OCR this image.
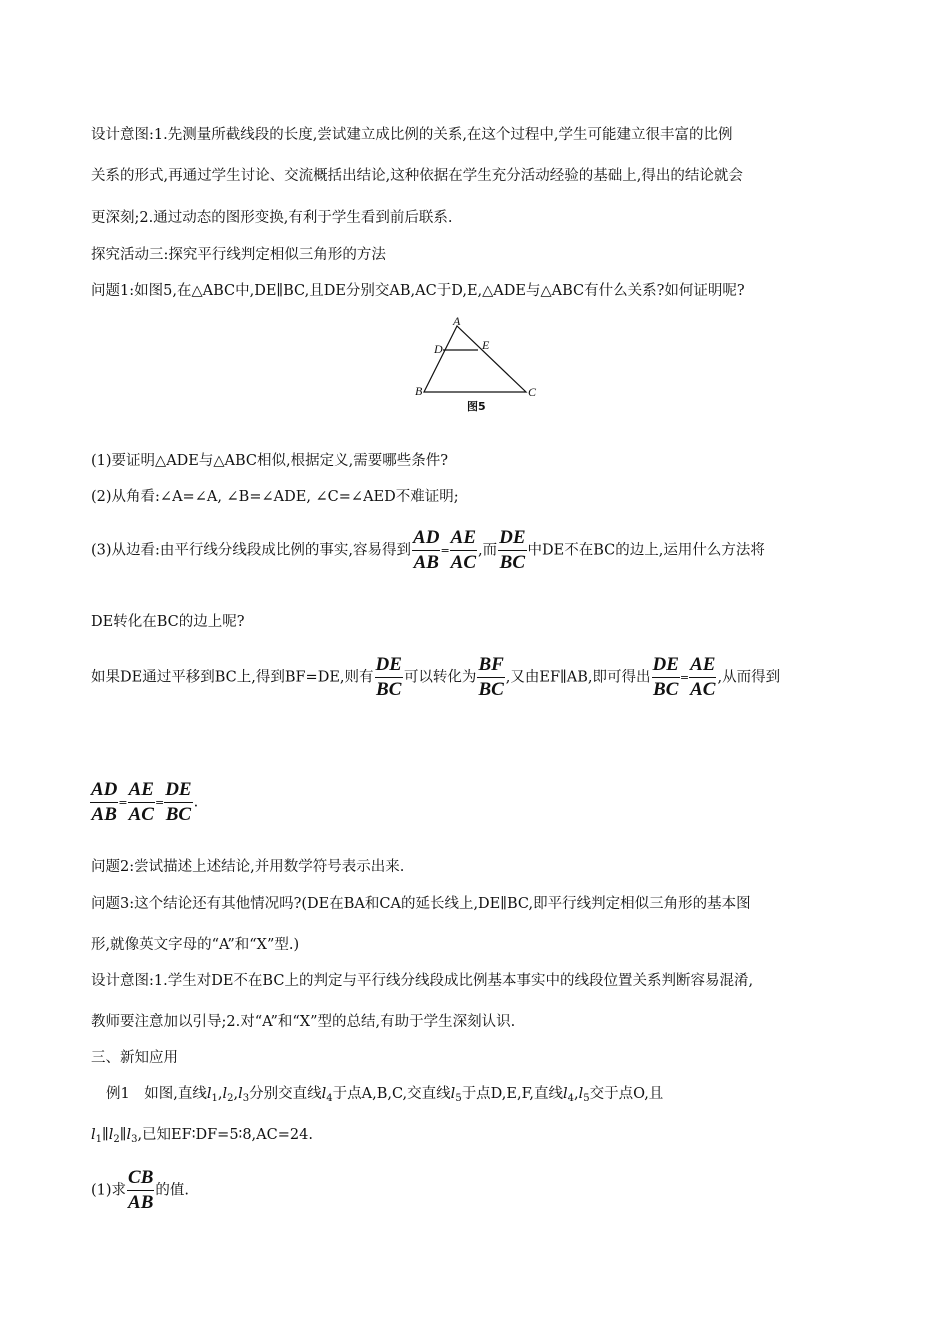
设计意图:1.先测量所截线段的长度,尝试建立成比例的关系,在这个过程中,学生可能建立很丰富的比例
关系的形式,再通过学生讨论、交流概括出结论,这种依据在学生充分活动经验的基础上,得出的结论就会
更深刻;2.通过动态的图形变换,有利于学生看到前后联系.
探究活动三:探究平行线判定相似三角形的方法
问题1:如图5,在△ABC中,DE∥BC,且DE分别交AB,AC于D,E,△ADE与△ABC有什么关系?如何证明呢?
A
D	E
B	C
图5
(1)要证明△ADE与△ABC相似,根据定义,需要哪些条件?
(2)从角看:∠A=∠A, ∠B=∠ADE, ∠C=∠AED不难证明;
(3)从边看:由平行线分线段成比例的事实,容易得到 $\frac{AD}{AB} = \frac{AE}{AC}$ ,而 $\frac{DE}{BC}$ 中DE不在BC的边上,运用什么方法将
DE转化在BC的边上呢?
如果DE通过平移到BC上,得到BF=DE,则有 $\frac{DE}{BC}$ 可以转化为 $\frac{BF}{BC}$ ,又由EF∥AB,即可得出 $\frac{DE}{BC} = \frac{AE}{AC}$ ,从而得到
$\frac{AD}{AB} = \frac{AE}{AC} = \frac{DE}{BC}$ .
问题2:尝试描述上述结论,并用数学符号表示出来.
问题3:这个结论还有其他情况吗?(DE在BA和CA的延长线上,DE∥BC,即平行线判定相似三角形的基本图
形,就像英文字母的“A”和“X”型.)
设计意图:1.学生对DE不在BC上的判定与平行线分线段成比例基本事实中的线段位置关系判断容易混淆,
教师要注意加以引导;2.对“A”和“X”型的总结,有助于学生深刻认识.
三、新知应用
例1　如图,直线$l_1,l_2,l_3$分别交直线$l_4$于点A,B,C,交直线$l_5$于点D,E,F,直线$l_4,l_5$交于点O,且
$l_1\parallel l_2\parallel l_3$,已知EF∶DF=5∶8,AC=24.
(1)求 $\frac{CB}{AB}$ 的值.
